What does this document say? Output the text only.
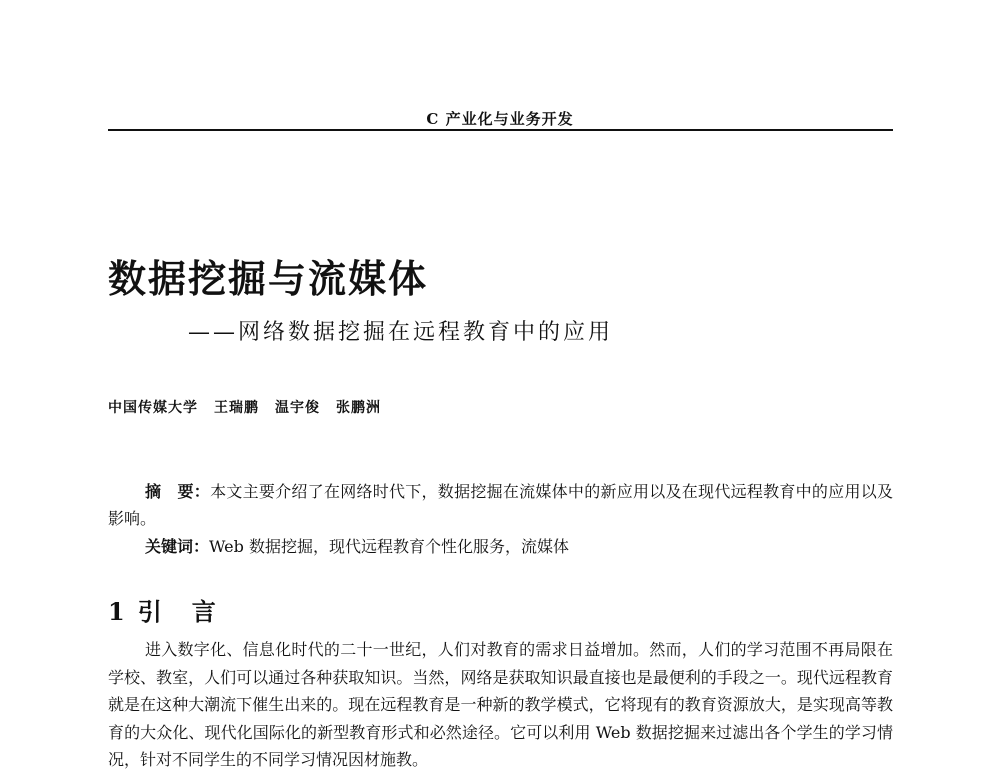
C 产业化与业务开发
数据挖掘与流媒体
——网络数据挖掘在远程教育中的应用
中国传媒大学 王瑞鹏 温宇俊 张鹏洲
摘　要：本文主要介绍了在网络时代下，数据挖掘在流媒体中的新应用以及在现代远程教育中的应用以及影响。
关键词：Web 数据挖掘，现代远程教育个性化服务，流媒体
1 引　言
进入数字化、信息化时代的二十一世纪，人们对教育的需求日益增加。然而，人们的学习范围不再局限在学校、教室，人们可以通过各种获取知识。当然，网络是获取知识最直接也是最便利的手段之一。现代远程教育就是在这种大潮流下催生出来的。现在远程教育是一种新的教学模式，它将现有的教育资源放大，是实现高等教育的大众化、现代化国际化的新型教育形式和必然途径。它可以利用 Web 数据挖掘来过滤出各个学生的学习情况，针对不同学生的不同学习情况因材施教。
